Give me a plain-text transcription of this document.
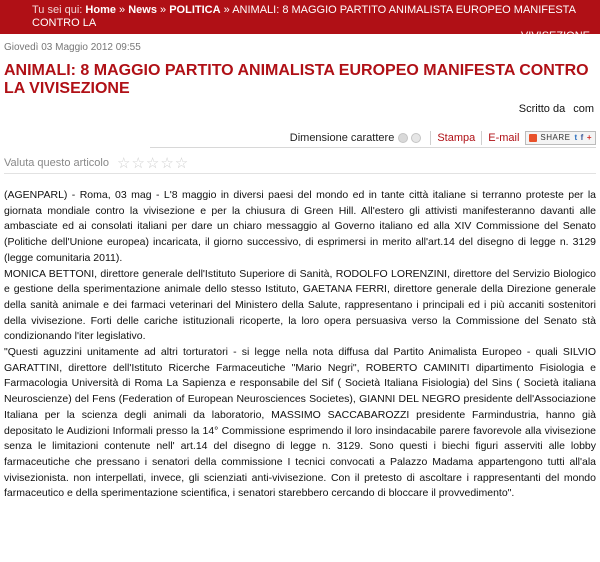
Tu sei qui: Home » News » POLITICA » ANIMALI: 8 MAGGIO PARTITO ANIMALISTA EUROPEO MANIFESTA CONTRO LA
VIVISEZIONE
Giovedì 03 Maggio 2012 09:55
ANIMALI: 8 MAGGIO PARTITO ANIMALISTA EUROPEO MANIFESTA CONTRO LA VIVISEZIONE
Scritto da com
Dimensione carattere	Stampa E-mail	SHARE t f +
Valuta questo articolo ☆☆☆☆☆

(AGENPARL) - Roma, 03 mag - L'8 maggio in diversi paesi del mondo ed in tante città italiane si terranno proteste per la giornata mondiale contro la vivisezione e per la chiusura di Green Hill. All'estero gli attivisti manifesteranno davanti alle ambasciate ed ai consolati italiani per dare un chiaro messaggio al Governo italiano ed alla XIV Commissione del Senato (Politiche dell'Unione europea) incaricata, il giorno successivo, di esprimersi in merito all'art.14 del disegno di legge n. 3129 (legge comunitaria 2011).

MONICA BETTONI, direttore generale dell'Istituto Superiore di Sanità, RODOLFO LORENZINI, direttore del Servizio Biologico e gestione della sperimentazione animale dello stesso Istituto, GAETANA FERRI, direttore generale della Direzione generale della sanità animale e dei farmaci veterinari del Ministero della Salute, rappresentano i principali ed i più accaniti sostenitori della vivisezione. Forti delle cariche istituzionali ricoperte, la loro opera persuasiva verso la Commissione del Senato stà condizionando l'iter legislativo.

"Questi aguzzini unitamente ad altri torturatori - si legge nella nota diffusa dal Partito Animalista Europeo - quali SILVIO GARATTINI, direttore dell'Istituto Ricerche Farmaceutiche "Mario Negri", ROBERTO CAMINITI dipartimento Fisiologia e Farmacologia Università di Roma La Sapienza e responsabile del Sif ( Società Italiana Fisiologia) del Sins ( Società italiana Neuroscienze) del Fens (Federation of European Neurosciences Societes), GIANNI DEL NEGRO presidente dell'Associazione Italiana per la scienza degli animali da laboratorio, MASSIMO SACCABAROZZI presidente Farmindustria, hanno già depositato le Audizioni Informali presso la 14° Commissione esprimendo il loro insindacabile parere favorevole alla vivisezione senza le limitazioni contenute nell' art.14 del disegno di legge n. 3129. Sono questi i biechi figuri asserviti alle lobby farmaceutiche che pressano i senatori della commissione I tecnici convocati a Palazzo Madama appartengono tutti all'ala vivisezionista. non interpellati, invece, gli scienziati anti-vivisezione. Con il pretesto di ascoltare i rappresentanti del mondo farmaceutico e della sperimentazione scientifica, i senatori starebbero cercando di bloccare il provvedimento".
